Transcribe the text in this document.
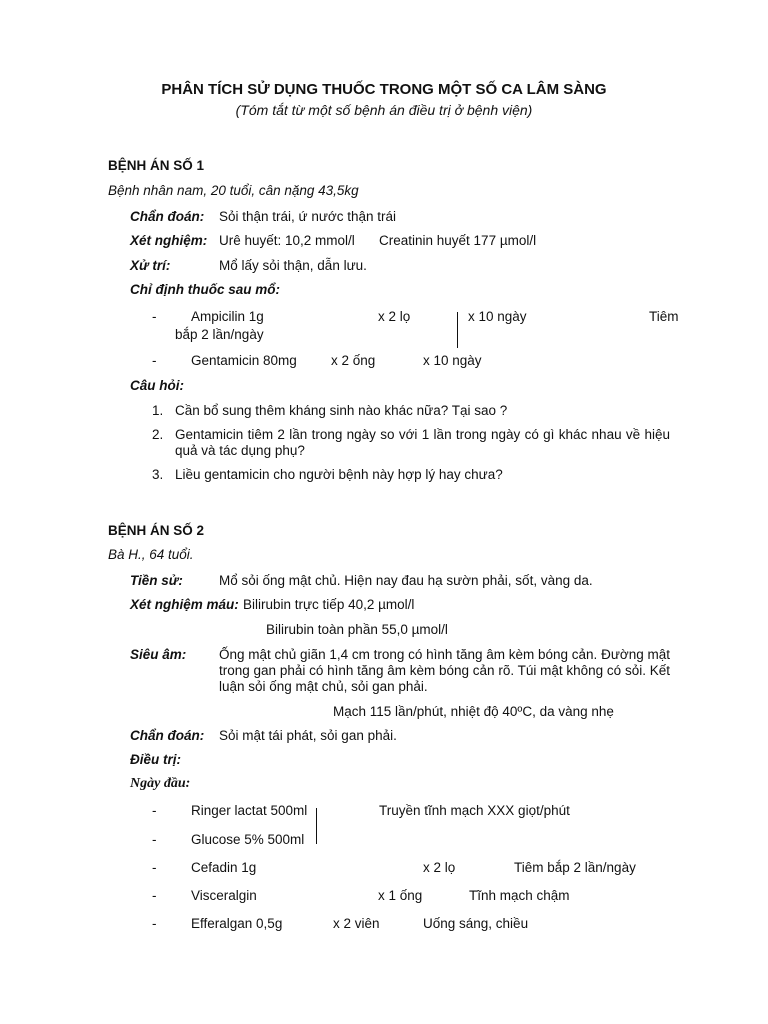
PHÂN TÍCH SỬ DỤNG THUỐC TRONG MỘT SỐ CA LÂM SÀNG
(Tóm tắt từ một số bệnh án điều trị ở bệnh viện)
BỆNH ÁN SỐ 1
Bệnh nhân nam, 20 tuổi, cân nặng 43,5kg
Chẩn đoán: Sỏi thận trái, ứ nước thận trái
Xét nghiệm: Urê huyết: 10,2 mmol/l Creatinin huyết 177 µmol/l
Xử trí:	Mổ lấy sỏi thận, dẫn lưu.
Chỉ định thuốc sau mổ:
-	Ampicilin 1g	x 2 lọ	x 10 ngày	Tiêm
bắp 2 lần/ngày
-	Gentamicin 80mg	x 2 ống	x 10 ngày
Câu hỏi:
1. Cần bổ sung thêm kháng sinh nào khác nữa? Tại sao ?
2. Gentamicin tiêm 2 lần trong ngày so với 1 lần trong ngày có gì khác nhau về hiệu quả và tác dụng phụ?
3. Liều gentamicin cho người bệnh này hợp lý hay chưa?
BỆNH ÁN SỐ 2
Bà H., 64 tuổi.
Tiền sử:	Mổ sỏi ống mật chủ. Hiện nay đau hạ sườn phải, sốt, vàng da.
Xét nghiệm máu: Bilirubin trực tiếp 40,2 µmol/l
Bilirubin toàn phần 55,0 µmol/l
Siêu âm: Ống mật chủ giãn 1,4 cm trong có hình tăng âm kèm bóng cản. Đường mật trong gan phải có hình tăng âm kèm bóng cản rõ. Túi mật không có sỏi. Kết luận sỏi ống mật chủ, sỏi gan phải.
Mạch 115 lần/phút, nhiệt độ 40ºC, da vàng nhẹ
Chẩn đoán: Sỏi mật tái phát, sỏi gan phải.
Điều trị:
Ngày đầu:
-	Ringer lactat 500ml	Truyền tĩnh mạch XXX giọt/phút
-	Glucose 5% 500ml
-	Cefadin 1g	x 2 lọ	Tiêm bắp 2 lần/ngày
-	Visceralgin	x 1 ống	Tĩnh mạch chậm
-	Efferalgan 0,5g	x 2 viên	Uống sáng, chiều
